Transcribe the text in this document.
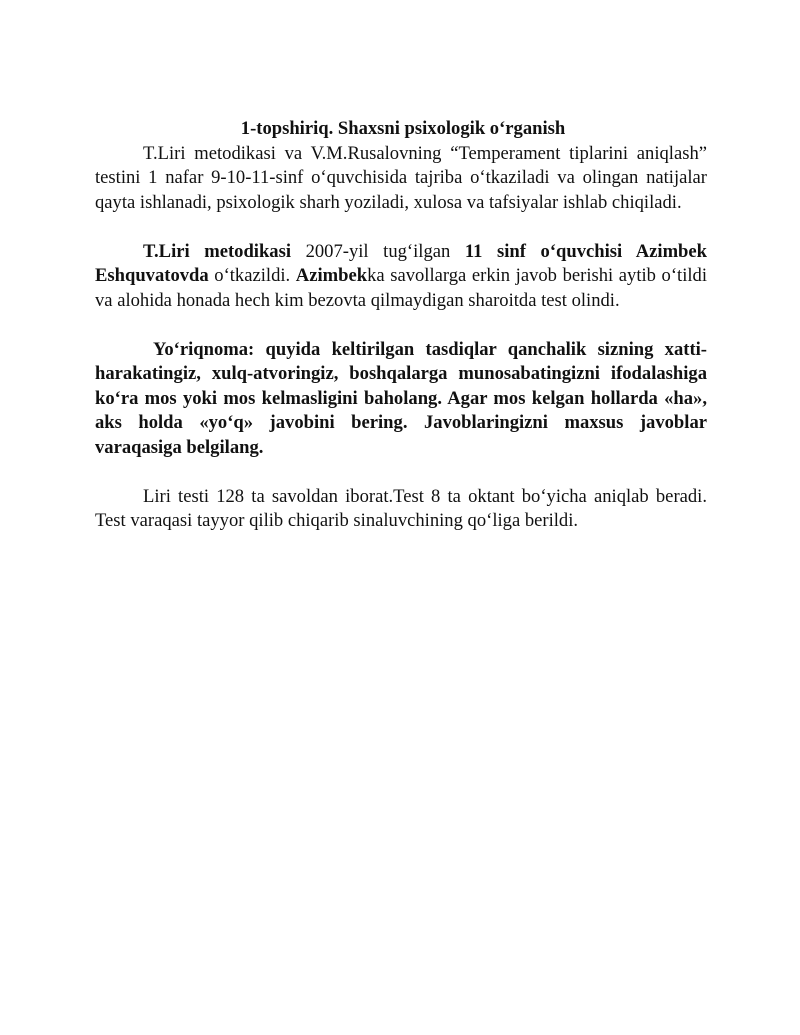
1-topshiriq. Shaxsni psixologik o‘rganish

T.Liri metodikasi va V.M.Rusalovning “Temperament tiplarini aniqlash” testini 1 nafar 9-10-11-sinf o‘quvchisida tajriba o‘tkaziladi va olingan natijalar qayta ishlanadi, psixologik sharh yoziladi, xulosa va tafsiyalar ishlab chiqiladi.

T.Liri metodikasi 2007-yil tug‘ilgan 11 sinf o‘quvchisi Azimbek Eshquvatovda o‘tkazildi. Azimbekka savollarga erkin javob berishi aytib o‘tildi va alohida honada hech kim bezovta qilmaydigan sharoitda test olindi.

Yo‘riqnoma: quyida keltirilgan tasdiqlar qanchalik sizning xatti-harakatingiz, xulq-atvoringiz, boshqalarga munosabatingizni ifodalashiga ko‘ra mos yoki mos kelmasligini baholang. Agar mos kelgan hollarda «ha», aks holda «yo‘q» javobini bering. Javoblaringizni maxsus javoblar varaqasiga belgilang.

Liri testi 128 ta savoldan iborat.Test 8 ta oktant bo‘yicha aniqlab beradi. Test varaqasi tayyor qilib chiqarib sinaluvchining qo‘liga berildi.
